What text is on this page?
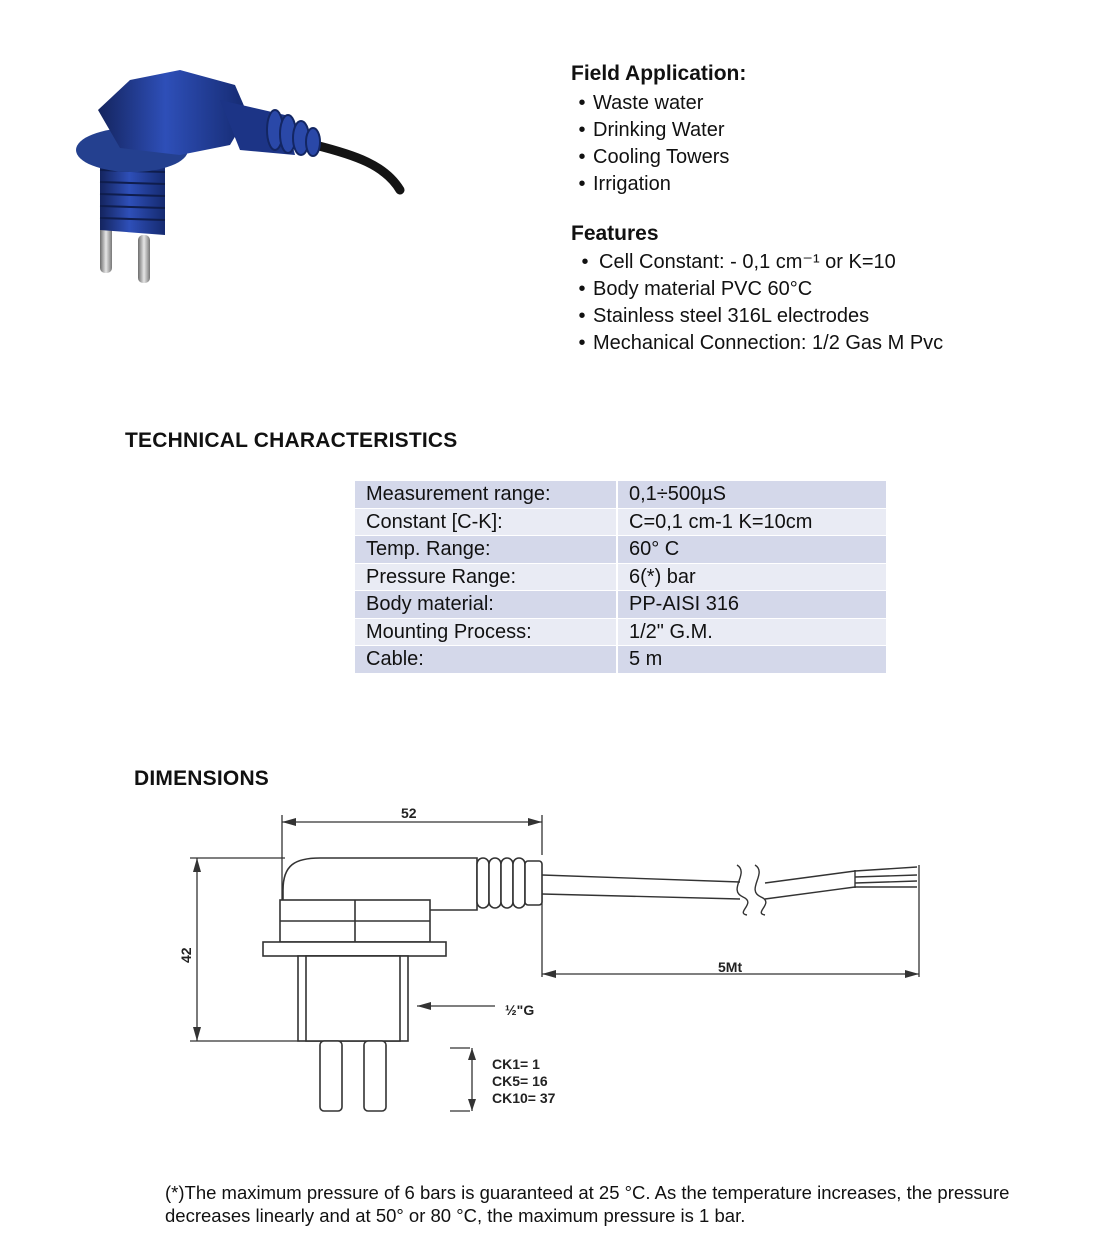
Field Application:
• Waste water
• Drinking Water
• Cooling Towers
• Irrigation
Features
• Cell Constant: - 0,1 cm⁻¹ or K=10
• Body material PVC 60°C
• Stainless steel 316L electrodes
• Mechanical Connection: 1/2 Gas M Pvc
TECHNICAL CHARACTERISTICS
Measurement range:	0,1÷500µS
Constant [C-K]:	C=0,1 cm-1 K=10cm
Temp. Range:	60° C
Pressure Range:	6(*) bar
Body material:	PP-AISI 316
Mounting Process:	1/2" G.M.
Cable:	5 m
DIMENSIONS
52
42
5Mt
½"G
CK1= 1
CK5= 16
CK10= 37
(*)The maximum pressure of 6 bars is guaranteed at 25 °C. As the temperature increases, the pressure decreases linearly and at 50° or 80 °C, the maximum pressure is 1 bar.
